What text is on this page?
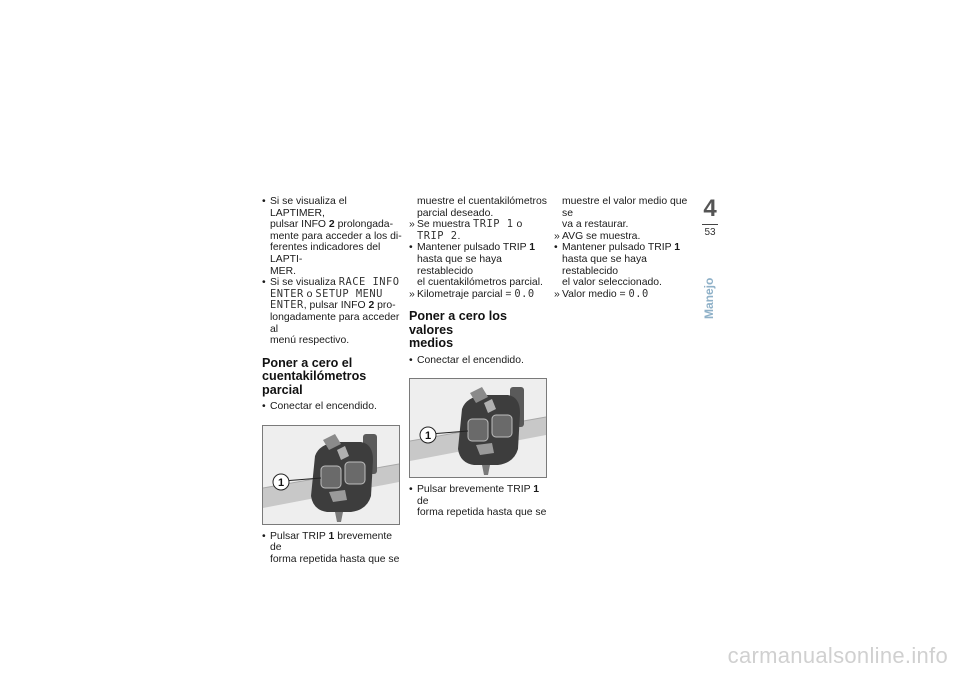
• Si se visualiza el LAPTIMER,
pulsar INFO 2 prolongada-
mente para acceder a los di-
ferentes indicadores del LAPTI-
MER.
• Si se visualiza RACE INFO
ENTER o SETUP MENU
ENTER, pulsar INFO 2 pro-
longadamente para acceder al
menú respectivo.
Poner a cero el
cuentakilómetros parcial
• Conectar el encendido.
1
• Pulsar TRIP 1 brevemente de
forma repetida hasta que se
muestre el cuentakilómetros
parcial deseado.
» Se muestra TRIP 1 o
TRIP 2.
• Mantener pulsado TRIP 1
hasta que se haya restablecido
el cuentakilómetros parcial.
» Kilometraje parcial = 0.0
Poner a cero los valores
medios
• Conectar el encendido.
1
• Pulsar brevemente TRIP 1 de
forma repetida hasta que se
muestre el valor medio que se
va a restaurar.
» AVG se muestra.
• Mantener pulsado TRIP 1
hasta que se haya restablecido
el valor seleccionado.
» Valor medio = 0.0
4
53
Manejo
carmanualsonline.info
